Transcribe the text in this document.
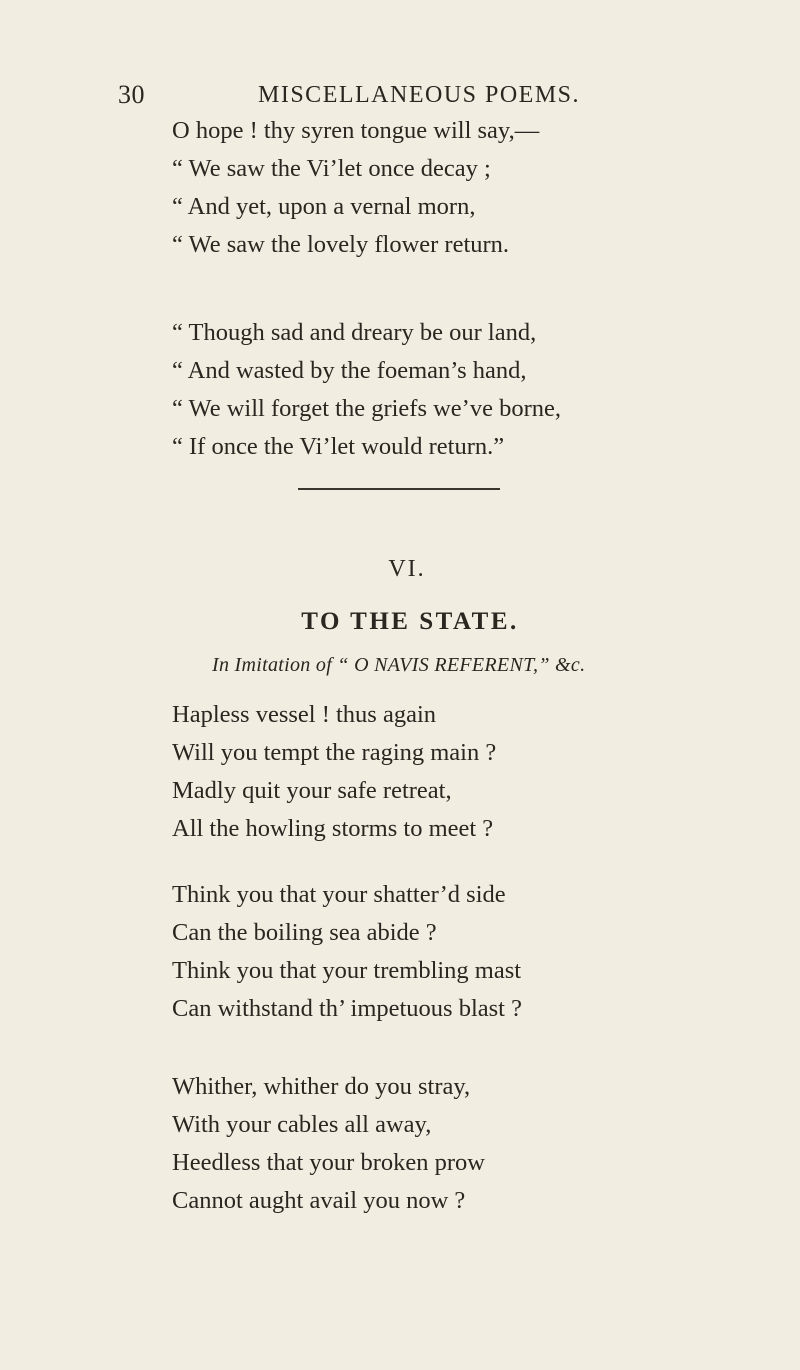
30	MISCELLANEOUS POEMS.
O hope ! thy syren tongue will say,—
“ We saw the Vi’let once decay ;
“ And yet, upon a vernal morn,
“ We saw the lovely flower return.
“ Though sad and dreary be our land,
“ And wasted by the foeman’s hand,
“ We will forget the griefs we’ve borne,
“ If once the Vi’let would return.”
VI.
TO THE STATE.
In Imitation of “ O NAVIS REFERENT,” &c.
Hapless vessel ! thus again
Will you tempt the raging main ?
Madly quit your safe retreat,
All the howling storms to meet ?
Think you that your shatter’d side
Can the boiling sea abide ?
Think you that your trembling mast
Can withstand th’ impetuous blast ?
Whither, whither do you stray,
With your cables all away,
Heedless that your broken prow
Cannot aught avail you now ?
